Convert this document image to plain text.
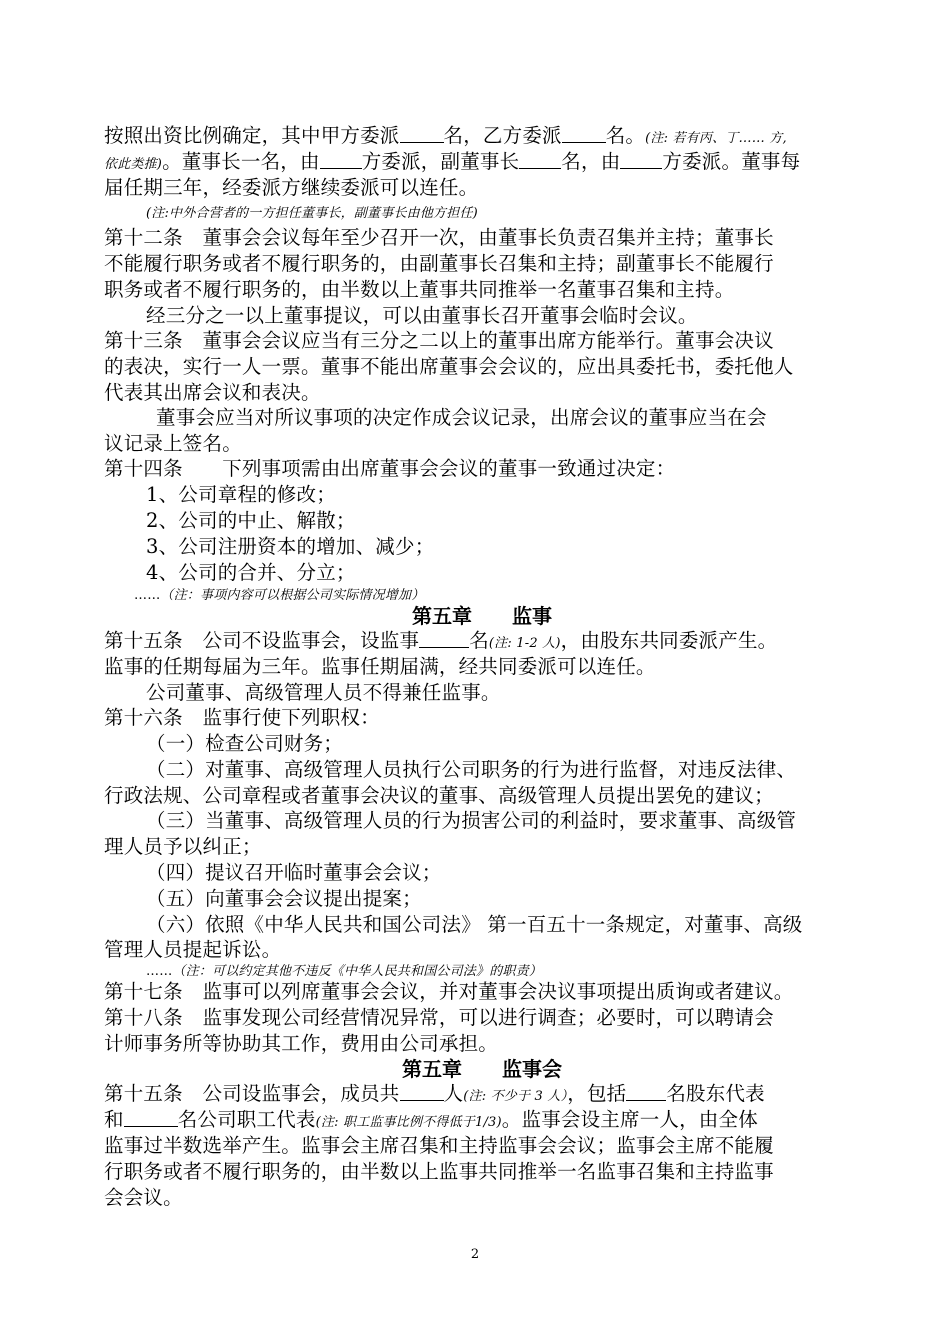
按照出资比例确定，其中甲方委派 名，乙方委派 名。(注: 若有丙、丁…… 方,
依此类推)。董事长一名，由 方委派，副董事长 名，由 方委派。董事每
届任期三年，经委派方继续委派可以连任。
(注:中外合营者的一方担任董事长，副董事长由他方担任)
第十二条　董事会会议每年至少召开一次，由董事长负责召集并主持；董事长
不能履行职务或者不履行职务的，由副董事长召集和主持；副董事长不能履行
职务或者不履行职务的，由半数以上董事共同推举一名董事召集和主持。
经三分之一以上董事提议，可以由董事长召开董事会临时会议。
第十三条　董事会会议应当有三分之二以上的董事出席方能举行。董事会决议
的表决，实行一人一票。董事不能出席董事会会议的，应出具委托书，委托他人
代表其出席会议和表决。
董事会应当对所议事项的决定作成会议记录，出席会议的董事应当在会
议记录上签名。
第十四条　　下列事项需由出席董事会会议的董事一致通过决定：
1、公司章程的修改；
2、公司的中止、解散；
3、公司注册资本的增加、减少；
4、公司的合并、分立；
……（注：事项内容可以根据公司实际情况增加）
第五章　　监事
第十五条　公司不设监事会，设监事	名(注: 1-2 人)，由股东共同委派产生。
监事的任期每届为三年。监事任期届满，经共同委派可以连任。
公司董事、高级管理人员不得兼任监事。
第十六条　监事行使下列职权：
（一）检查公司财务；
（二）对董事、高级管理人员执行公司职务的行为进行监督，对违反法律、
行政法规、公司章程或者董事会决议的董事、高级管理人员提出罢免的建议；
（三）当董事、高级管理人员的行为损害公司的利益时，要求董事、高级管
理人员予以纠正；
（四）提议召开临时董事会会议；
（五）向董事会会议提出提案；
（六）依照《中华人民共和国公司法》 第一百五十一条规定，对董事、高级
管理人员提起诉讼。
……（注：可以约定其他不违反《中华人民共和国公司法》的职责）
第十七条　监事可以列席董事会会议，并对董事会决议事项提出质询或者建议。
第十八条　监事发现公司经营情况异常，可以进行调查；必要时，可以聘请会
计师事务所等协助其工作，费用由公司承担。
第五章　　监事会
第十五条　公司设监事会，成员共 人(注: 不少于 3 人），包括 名股东代表
和	名公司职工代表(注: 职工监事比例不得低于1/3)。监事会设主席一人，由全体
监事过半数选举产生。监事会主席召集和主持监事会会议；监事会主席不能履
行职务或者不履行职务的，由半数以上监事共同推举一名监事召集和主持监事
会会议。
2
